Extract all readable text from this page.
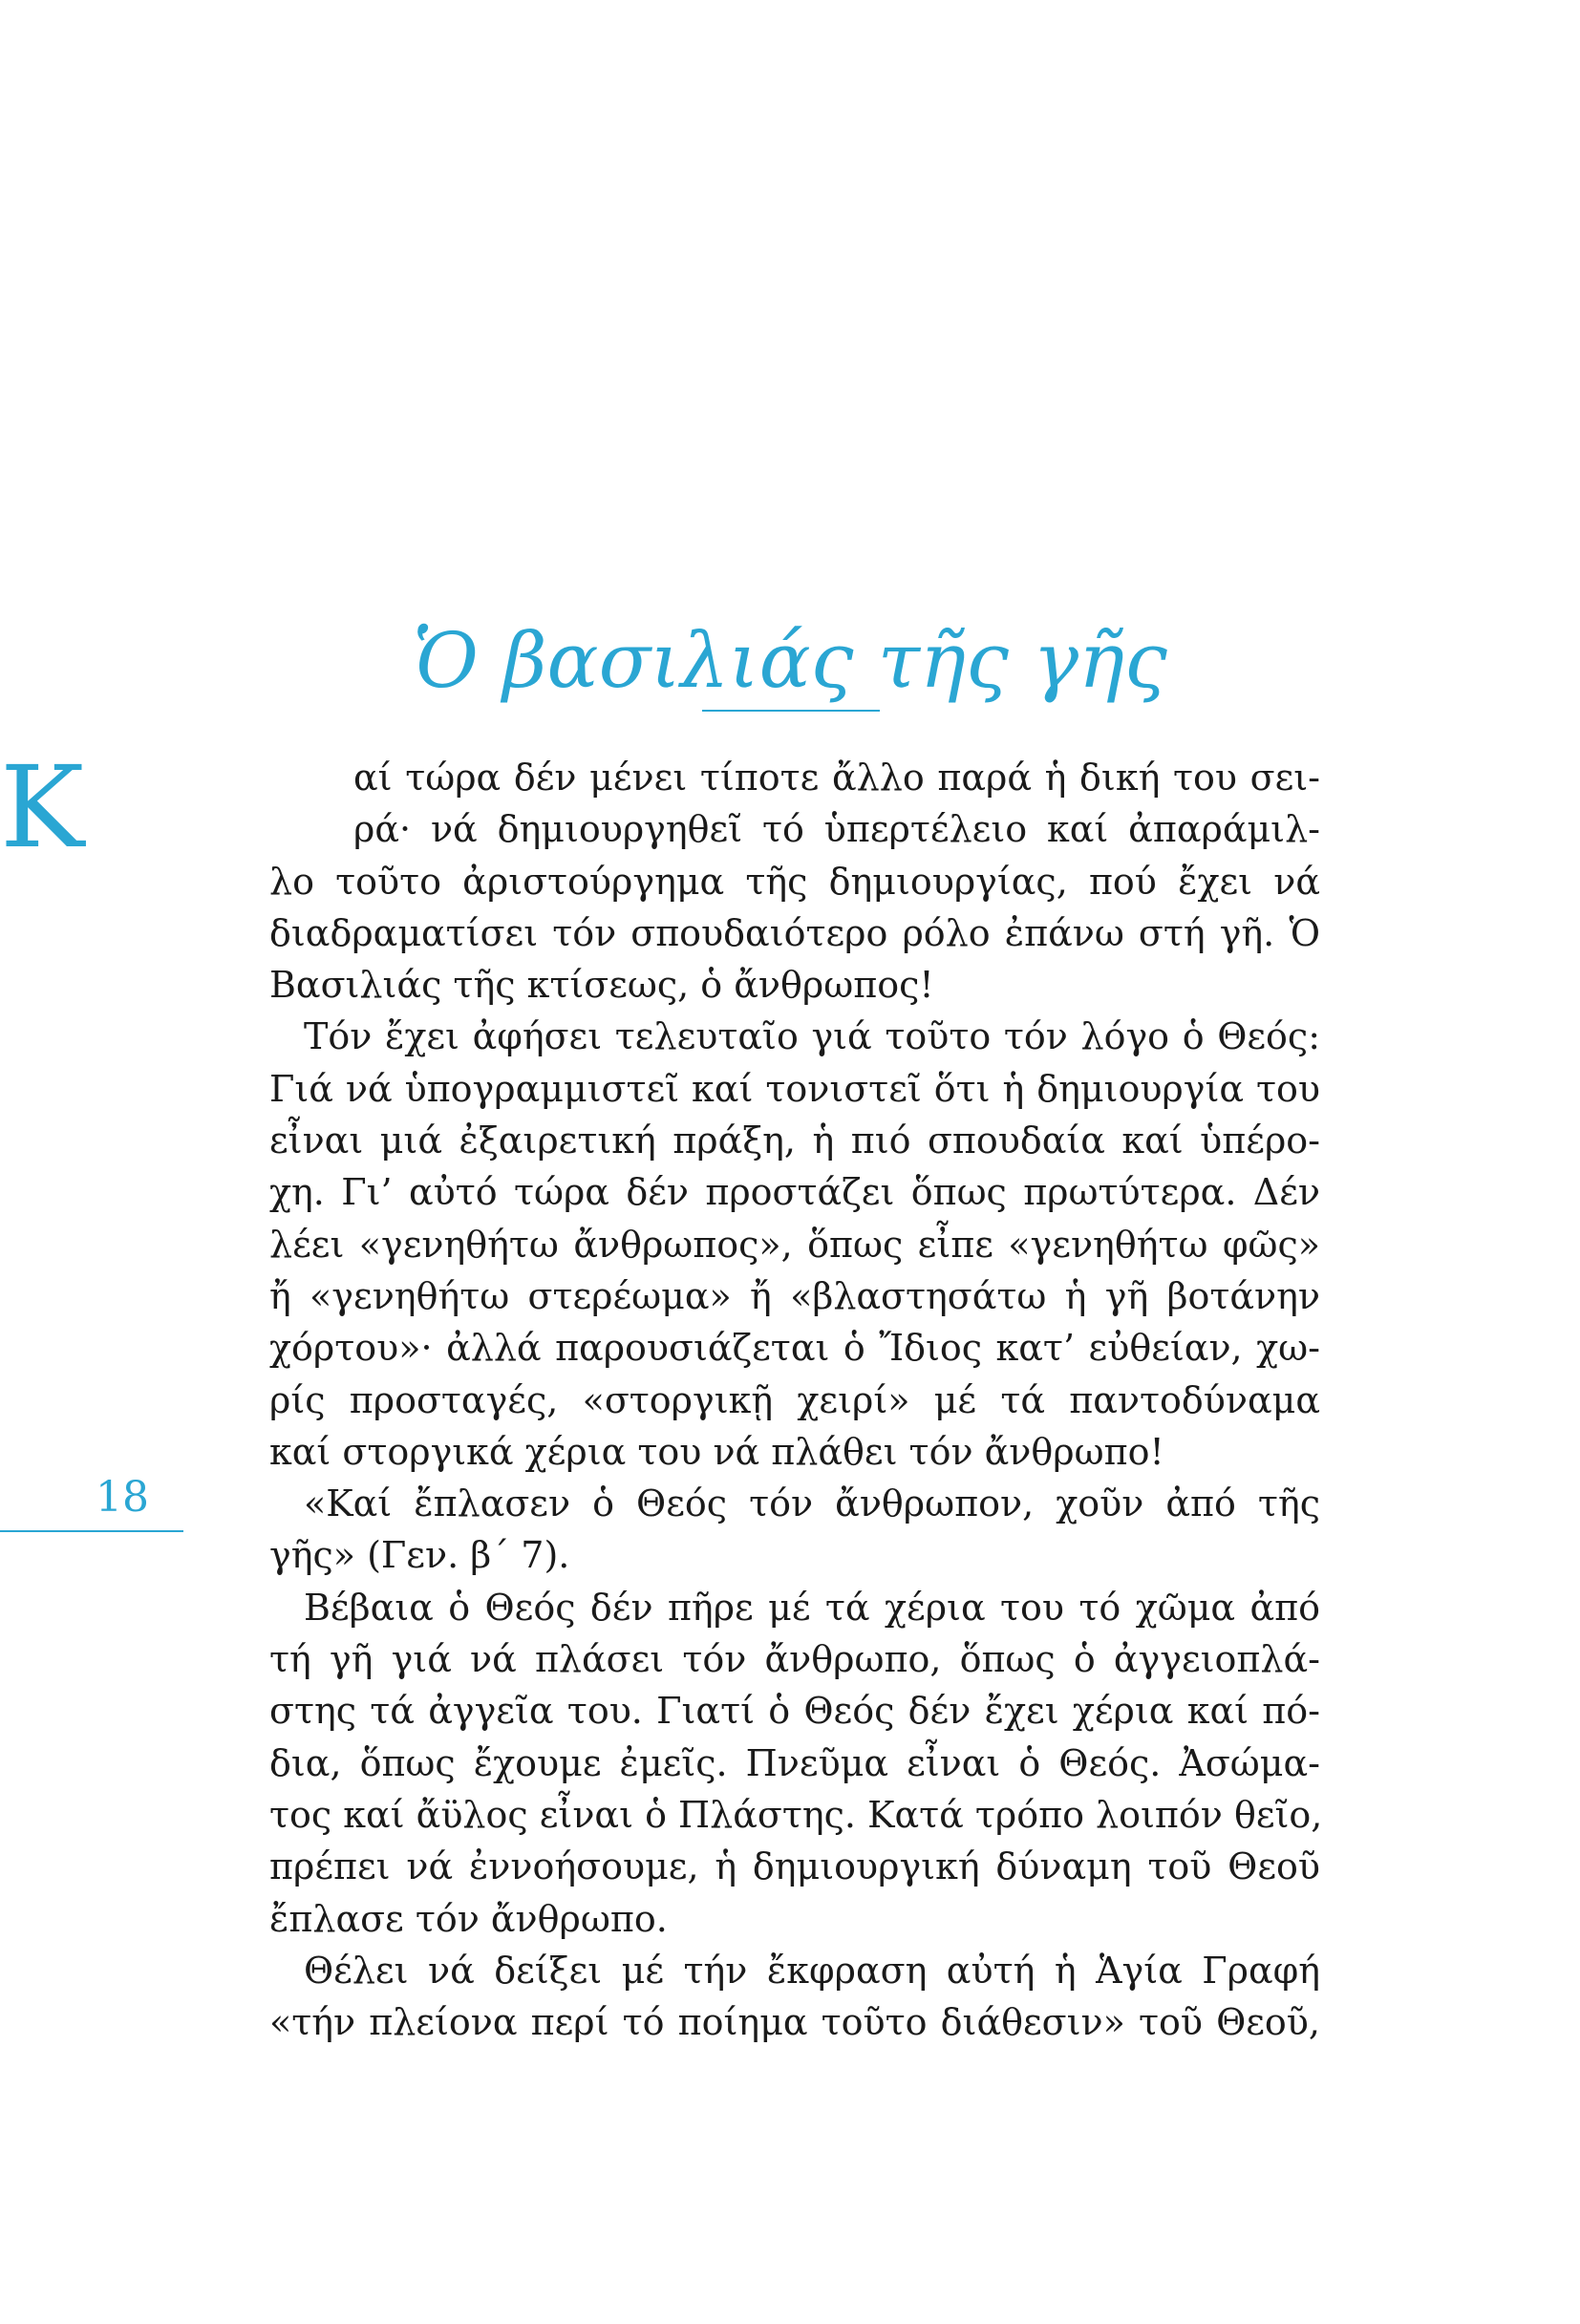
Ὁ βασιλιάς τῆς γῆς
Κ	αί τώρα δέν μένει τίποτε ἄλλο παρά ἡ δική του σει-
ρά· νά δημιουργηθεῖ τό ὑπερτέλειο καί ἀπαράμιλ-
λο τοῦτο ἀριστούργημα τῆς δημιουργίας, πού ἔχει νά
διαδραματίσει τόν σπουδαιότερο ρόλο ἐπάνω στή γῆ. Ὁ
Βασιλιάς τῆς κτίσεως, ὁ ἄνθρωπος!
Τόν ἔχει ἀφήσει τελευταῖο γιά τοῦτο τόν λόγο ὁ Θεός:
Γιά νά ὑπογραμμιστεῖ καί τονιστεῖ ὅτι ἡ δημιουργία του
εἶναι μιά ἐξαιρετική πράξη, ἡ πιό σπουδαία καί ὑπέρο-
χη. Γι’ αὐτό τώρα δέν προστάζει ὅπως πρωτύτερα. Δέν
λέει «γενηθήτω ἄνθρωπος», ὅπως εἶπε «γενηθήτω φῶς»
ἤ «γενηθήτω στερέωμα» ἤ «βλαστησάτω ἡ γῆ βοτάνην
χόρτου»· ἀλλά παρουσιάζεται ὁ Ἴδιος κατ’ εὐθείαν, χω-
ρίς προσταγές, «στοργικῇ χειρί» μέ τά παντοδύναμα
καί στοργικά χέρια του νά πλάθει τόν ἄνθρωπο!
«Καί ἔπλασεν ὁ Θεός τόν ἄνθρωπον, χοῦν ἀπό τῆς
γῆς» (Γεν. β΄ 7).
Βέβαια ὁ Θεός δέν πῆρε μέ τά χέρια του τό χῶμα ἀπό
τή γῆ γιά νά πλάσει τόν ἄνθρωπο, ὅπως ὁ ἀγγειοπλά-
στης τά ἀγγεῖα του. Γιατί ὁ Θεός δέν ἔχει χέρια καί πό-
δια, ὅπως ἔχουμε ἐμεῖς. Πνεῦμα εἶναι ὁ Θεός. Ἀσώμα-
τος καί ἄϋλος εἶναι ὁ Πλάστης. Κατά τρόπο λοιπόν θεῖο,
πρέπει νά ἐννοήσουμε, ἡ δημιουργική δύναμη τοῦ Θεοῦ
ἔπλασε τόν ἄνθρωπο.
Θέλει νά δείξει μέ τήν ἔκφραση αὐτή ἡ Ἁγία Γραφή
«τήν πλείονα περί τό ποίημα τοῦτο διάθεσιν» τοῦ Θεοῦ,
18
